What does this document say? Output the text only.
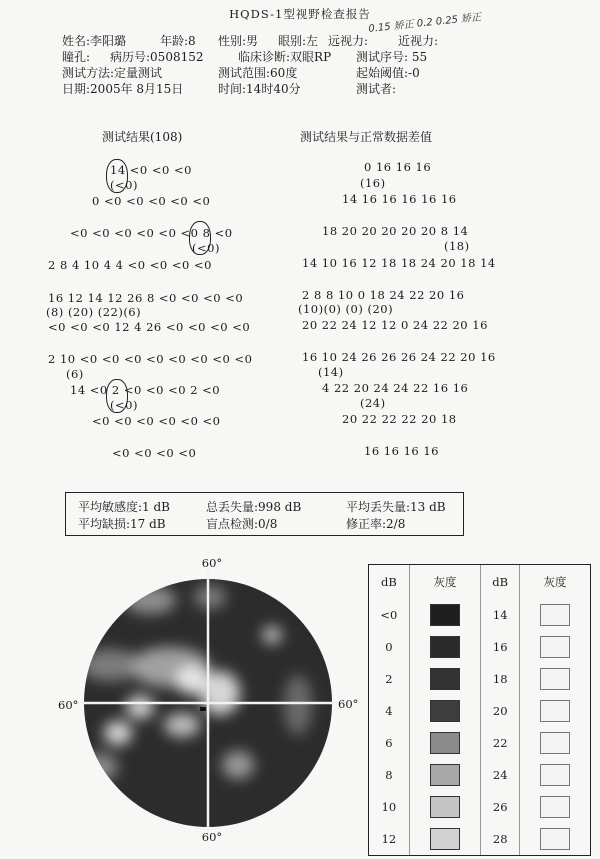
HQDS-1型视野检查报告
0.15 矫正 0.2 0.25 矫正
姓名:李阳璐	年龄:8 性别:男 眼别:左 远视力: 近视力:
瞳孔: 病历号:0508152	临床诊断:双眼RP 测试序号: 55
测试方法:定量测试	测试范围:60度	起始阈值:-0
日期:2005年 8月15日	时间:14时40分	测试者:
测试结果(108)	测试结果与正常数据差值
14 <0 <0 <0
(<0)
0 <0 <0 <0 <0 <0
<0 <0 <0 <0 <0 <0 8 <0
(<0)
2 8 4 10 4 4 <0 <0 <0 <0
16 12 14 12 26 8 <0 <0 <0 <0
(8) (20) (22)(6)
<0 <0 <0 12 4 26 <0 <0 <0 <0
2 10 <0 <0 <0 <0 <0 <0 <0 <0
(6)
14 <0 2 <0 <0 <0 2 <0
(<0)
<0 <0 <0 <0 <0 <0
<0 <0 <0 <0
0 16 16 16
(16)
14 16 16 16 16 16
18 20 20 20 20 20 8 14
(18)
14 10 16 12 18 18 24 20 18 14
2 8 8 10 0 18 24 22 20 16
(10)(0) (0) (20)
20 22 24 12 12 0 24 22 20 16
16 10 24 26 26 26 24 22 20 16
(14)
4 22 20 24 24 22 16 16
(24)
20 22 22 22 20 18
16 16 16 16
平均敏感度:1 dB	总丢失量:998 dB	平均丢失量:13 dB
平均缺损:17 dB	盲点检测:0/8	修正率:2/8
60°
60°
60°	60°
dB	灰度	dB	灰度
<0		14	

0		16	

2		18	

4		20	

6		22	

8		24	

10		26	

12		28	
